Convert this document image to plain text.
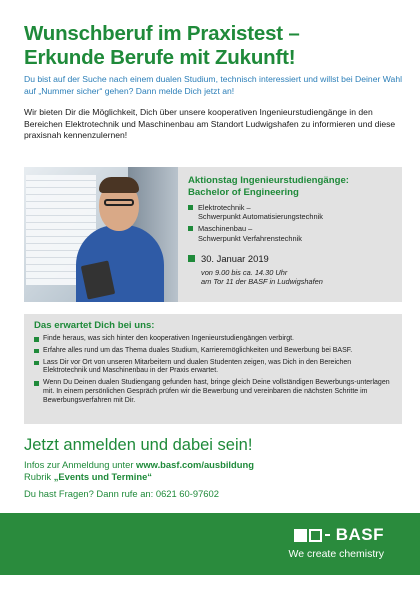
Wunschberuf im Praxistest –
Erkunde Berufe mit Zukunft!

Du bist auf der Suche nach einem dualen Studium, technisch interessiert und willst bei Deiner Wahl auf „Nummer sicher“ gehen? Dann melde Dich jetzt an!

Wir bieten Dir die Möglichkeit, Dich über unsere kooperativen Ingenieurstudiengänge in den Bereichen Elektrotechnik und Maschinenbau am Standort Ludwigshafen zu informieren und diese praxisnah kennenzulernen!

Aktionstag Ingenieurstudiengänge:
Bachelor of Engineering
Elektrotechnik –
Schwerpunkt Automatisierungstechnik
Maschinenbau –
Schwerpunkt Verfahrenstechnik
30. Januar 2019
von 9.00 bis ca. 14.30 Uhr
am Tor 11 der BASF in Ludwigshafen
Das erwartet Dich bei uns:
Finde heraus, was sich hinter den kooperativen Ingenieurstudiengängen verbirgt.
Erfahre alles rund um das Thema duales Studium, Karrieremöglichkeiten und Bewerbung bei BASF.
Lass Dir vor Ort von unseren Mitarbeitern und dualen Studenten zeigen, was Dich in den Bereichen Elektrotechnik und Maschinenbau in der Praxis erwartet.
Wenn Du Deinen dualen Studiengang gefunden hast, bringe gleich Deine vollständigen Bewerbungs-unterlagen mit. In einem persönlichen Gespräch prüfen wir die Bewerbung und vereinbaren die nächsten Schritte im Bewerbungsverfahren mit Dir.
Jetzt anmelden und dabei sein!
Infos zur Anmeldung unter www.basf.com/ausbildung
Rubrik „Events und Termine“
Du hast Fragen? Dann rufe an: 0621 60-97602
BASF
We create chemistry
